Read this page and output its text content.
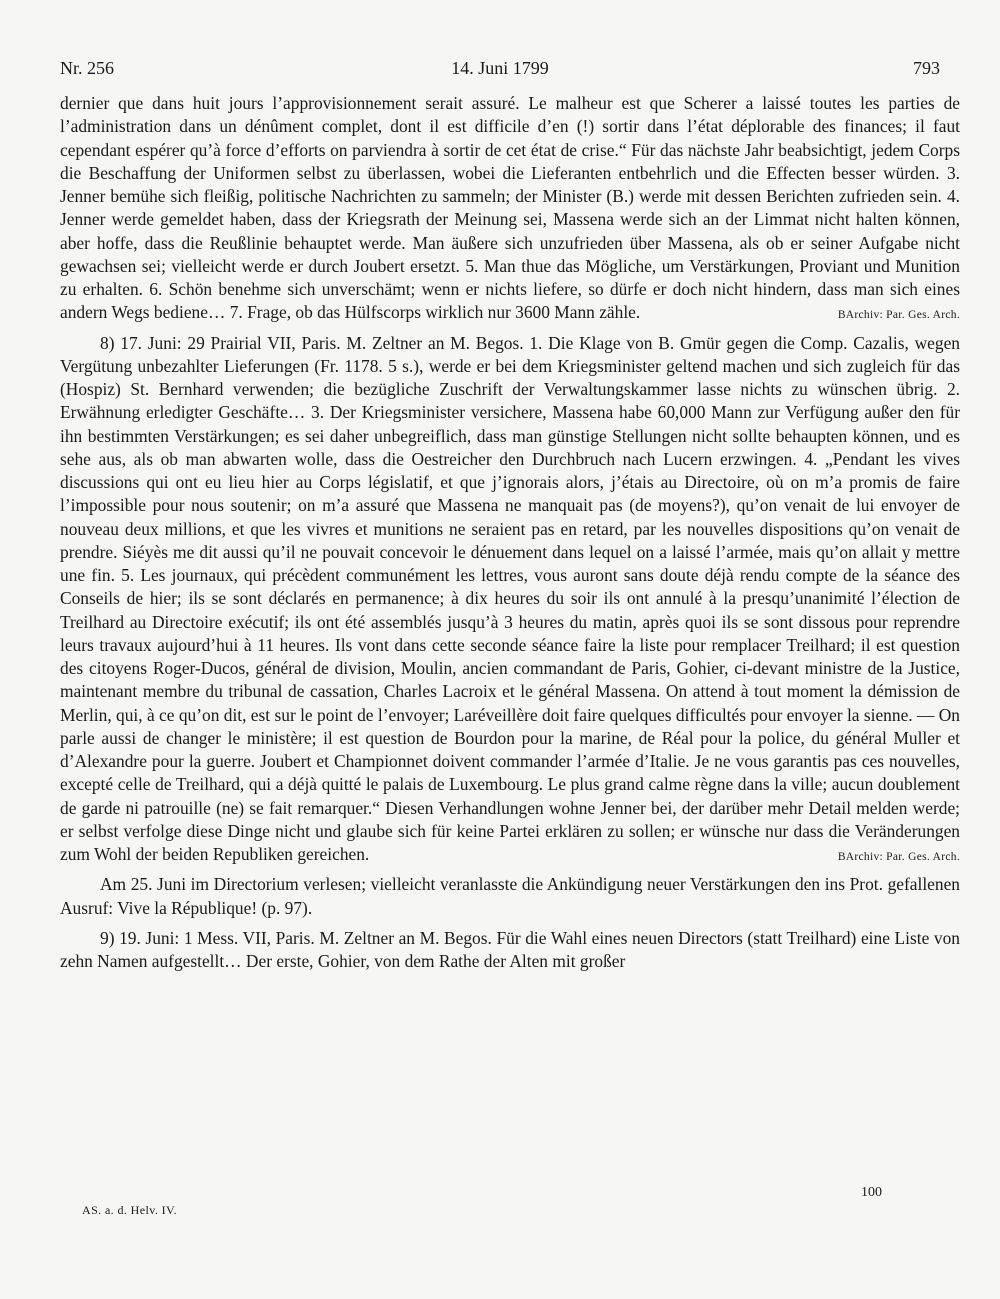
Nr. 256	14. Juni 1799	793

dernier que dans huit jours l’approvisionnement serait assuré. Le malheur est que Scherer a laissé toutes les parties de l’administration dans un dénûment complet, dont il est difficile d’en (!) sortir dans l’état déplorable des finances; il faut cependant espérer qu’à force d’efforts on parviendra à sortir de cet état de crise.“ Für das nächste Jahr beabsichtigt, jedem Corps die Beschaffung der Uniformen selbst zu überlassen, wobei die Lieferanten entbehrlich und die Effecten besser würden. 3. Jenner bemühe sich fleißig, politische Nachrichten zu sammeln; der Minister (B.) werde mit dessen Berichten zufrieden sein. 4. Jenner werde gemeldet haben, dass der Kriegsrath der Meinung sei, Massena werde sich an der Limmat nicht halten können, aber hoffe, dass die Reußlinie behauptet werde. Man äußere sich unzufrieden über Massena, als ob er seiner Aufgabe nicht gewachsen sei; vielleicht werde er durch Joubert ersetzt. 5. Man thue das Mögliche, um Verstärkungen, Proviant und Munition zu erhalten. 6. Schön benehme sich unverschämt; wenn er nichts liefere, so dürfe er doch nicht hindern, dass man sich eines andern Wegs bediene… 7. Frage, ob das Hülfscorps wirklich nur 3600 Mann zähle.	BArchiv: Par. Ges. Arch.

8) 17. Juni: 29 Prairial VII, Paris. M. Zeltner an M. Begos. 1. Die Klage von B. Gmür gegen die Comp. Cazalis, wegen Vergütung unbezahlter Lieferungen (Fr. 1178. 5 s.), werde er bei dem Kriegsminister geltend machen und sich zugleich für das (Hospiz) St. Bernhard verwenden; die bezügliche Zuschrift der Verwaltungskammer lasse nichts zu wünschen übrig. 2. Erwähnung erledigter Geschäfte… 3. Der Kriegsminister versichere, Massena habe 60,000 Mann zur Verfügung außer den für ihn bestimmten Verstärkungen; es sei daher unbegreiflich, dass man günstige Stellungen nicht sollte behaupten können, und es sehe aus, als ob man abwarten wolle, dass die Oestreicher den Durchbruch nach Lucern erzwingen. 4. „Pendant les vives discussions qui ont eu lieu hier au Corps législatif, et que j’ignorais alors, j’étais au Directoire, où on m’a promis de faire l’impossible pour nous soutenir; on m’a assuré que Massena ne manquait pas (de moyens?), qu’on venait de lui envoyer de nouveau deux millions, et que les vivres et munitions ne seraient pas en retard, par les nouvelles dispositions qu’on venait de prendre. Siéyès me dit aussi qu’il ne pouvait concevoir le dénuement dans lequel on a laissé l’armée, mais qu’on allait y mettre une fin. 5. Les journaux, qui précèdent communément les lettres, vous auront sans doute déjà rendu compte de la séance des Conseils de hier; ils se sont déclarés en permanence; à dix heures du soir ils ont annulé à la presqu’unanimité l’élection de Treilhard au Directoire exécutif; ils ont été assemblés jusqu’à 3 heures du matin, après quoi ils se sont dissous pour reprendre leurs travaux aujourd’hui à 11 heures. Ils vont dans cette seconde séance faire la liste pour remplacer Treilhard; il est question des citoyens Roger-Ducos, général de division, Moulin, ancien commandant de Paris, Gohier, ci-devant ministre de la Justice, maintenant membre du tribunal de cassation, Charles Lacroix et le général Massena. On attend à tout moment la démission de Merlin, qui, à ce qu’on dit, est sur le point de l’envoyer; Laréveillère doit faire quelques difficultés pour envoyer la sienne. — On parle aussi de changer le ministère; il est question de Bourdon pour la marine, de Réal pour la police, du général Muller et d’Alexandre pour la guerre. Joubert et Championnet doivent commander l’armée d’Italie. Je ne vous garantis pas ces nouvelles, excepté celle de Treilhard, qui a déjà quitté le palais de Luxembourg. Le plus grand calme règne dans la ville; aucun doublement de garde ni patrouille (ne) se fait remarquer.“ Diesen Verhandlungen wohne Jenner bei, der darüber mehr Detail melden werde; er selbst verfolge diese Dinge nicht und glaube sich für keine Partei erklären zu sollen; er wünsche nur dass die Veränderungen zum Wohl der beiden Republiken gereichen.	BArchiv: Par. Ges. Arch.

Am 25. Juni im Directorium verlesen; vielleicht veranlasste die Ankündigung neuer Verstärkungen den ins Prot. gefallenen Ausruf: Vive la République! (p. 97).

9) 19. Juni: 1 Mess. VII, Paris. M. Zeltner an M. Begos. Für die Wahl eines neuen Directors (statt Treilhard) eine Liste von zehn Namen aufgestellt… Der erste, Gohier, von dem Rathe der Alten mit großer

100
AS. a. d. Helv. IV.
